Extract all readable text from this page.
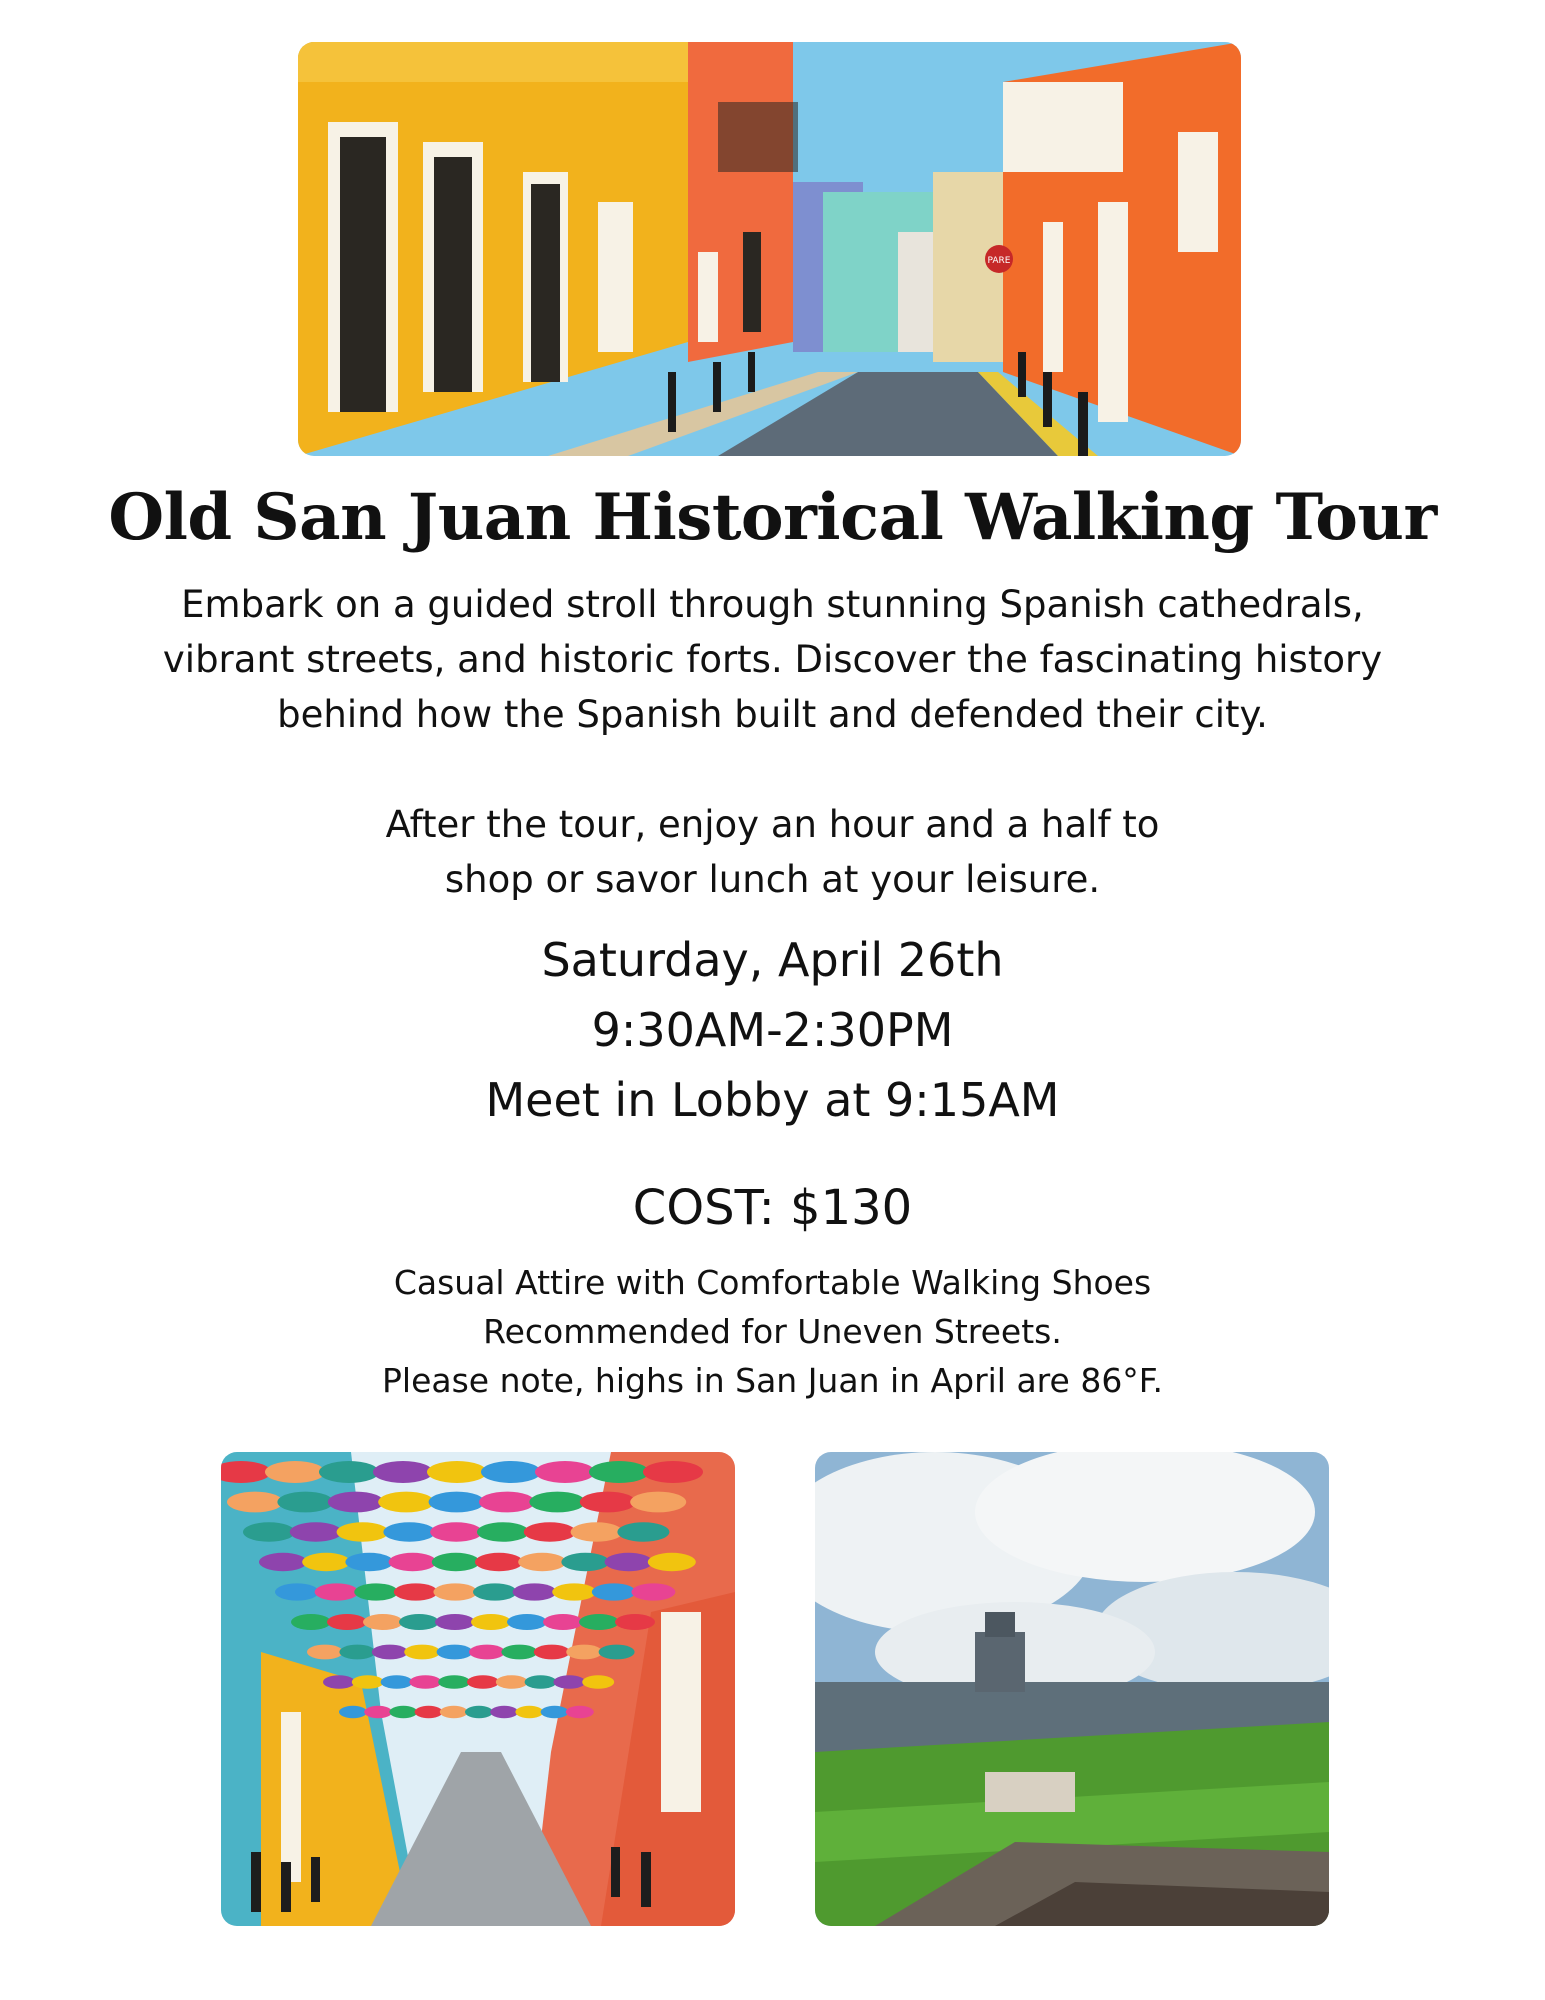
PARE
Old San Juan Historical Walking Tour
Embark on a guided stroll through stunning Spanish cathedrals,
vibrant streets, and historic forts. Discover the fascinating history
behind how the Spanish built and defended their city.
After the tour, enjoy an hour and a half to
shop or savor lunch at your leisure.
Saturday, April 26th
9:30AM-2:30PM
Meet in Lobby at 9:15AM
COST: $130
Casual Attire with Comfortable Walking Shoes
Recommended for Uneven Streets.
Please note, highs in San Juan in April are 86°F.
